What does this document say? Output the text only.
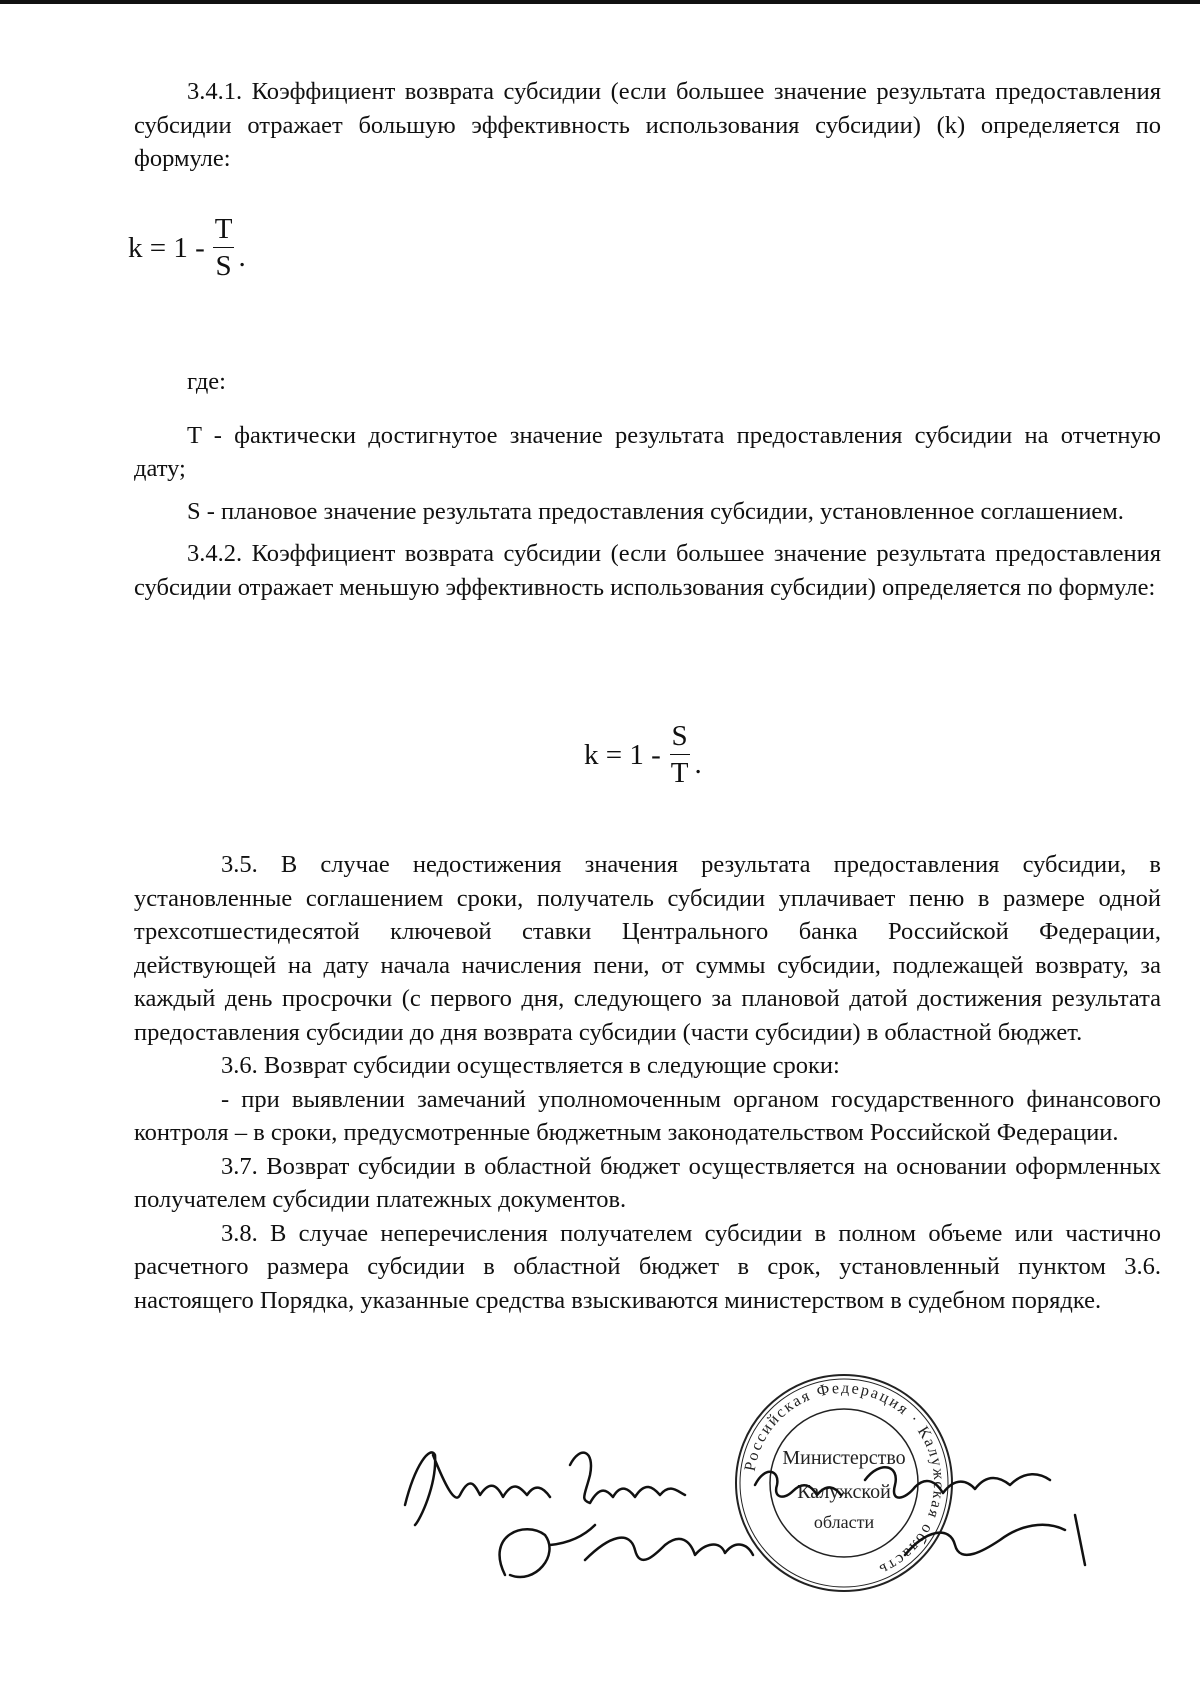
3.4.1. Коэффициент возврата субсидии (если большее значение результата предоставления субсидии отражает большую эффективность использования субсидии) (k) определяется по формуле:

$k = 1 - \frac{T}{S}$ .

где:

T - фактически достигнутое значение результата предоставления субсидии на отчетную дату;

S - плановое значение результата предоставления субсидии, установленное соглашением.

3.4.2. Коэффициент возврата субсидии (если большее значение результата предоставления субсидии отражает меньшую эффективность использования субсидии) определяется по формуле:

$k = 1 - \frac{S}{T}$ .

3.5. В случае недостижения значения результата предоставления субсидии, в установленные соглашением сроки, получатель субсидии уплачивает пеню в размере одной трехсотшестидесятой ключевой ставки Центрального банка Российской Федерации, действующей на дату начала начисления пени, от суммы субсидии, подлежащей возврату, за каждый день просрочки (с первого дня, следующего за плановой датой достижения результата предоставления субсидии до дня возврата субсидии (части субсидии) в областной бюджет.

3.6. Возврат субсидии осуществляется в следующие сроки:

- при выявлении замечаний уполномоченным органом государственного финансового контроля – в сроки, предусмотренные бюджетным законодательством Российской Федерации.

3.7. Возврат субсидии в областной бюджет осуществляется на основании оформленных получателем субсидии платежных документов.

3.8. В случае неперечисления получателем субсидии в полном объеме или частично расчетного размера субсидии в областной бюджет в срок, установленный пунктом 3.6. настоящего Порядка, указанные средства взыскиваются министерством в судебном порядке.

Российская Федерация · Калужская область
Министерство
Калужской
области
